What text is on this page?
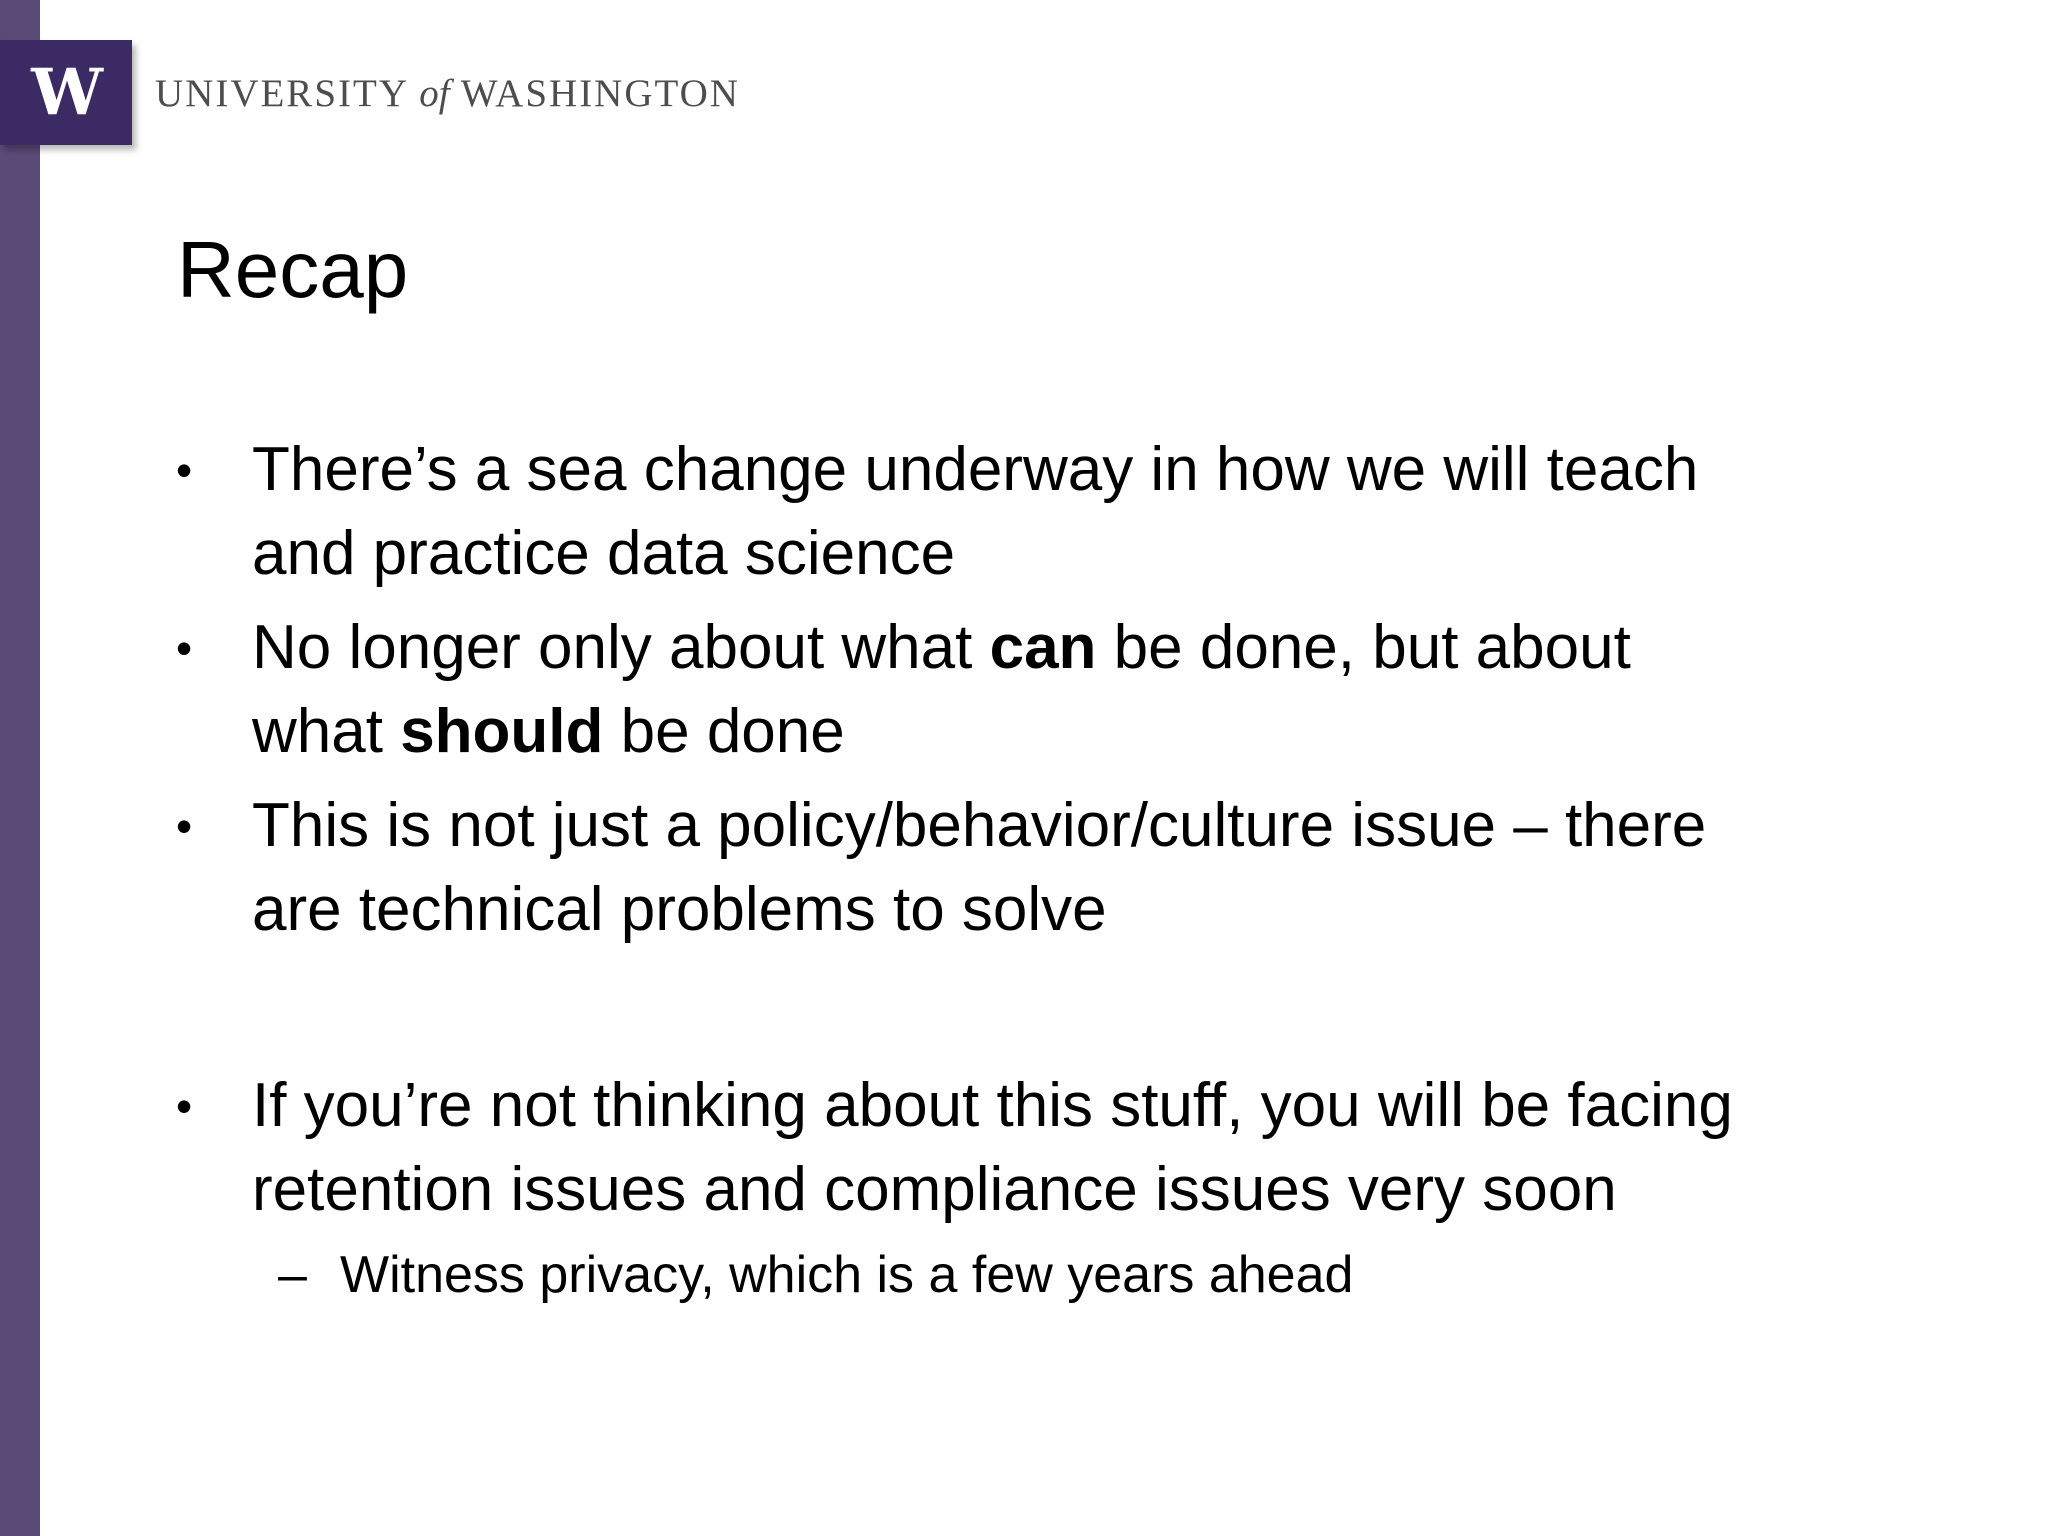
W UNIVERSITY of WASHINGTON
Recap
• There’s a sea change underway in how we will teach
and practice data science
• No longer only about what can be done, but about
what should be done
• This is not just a policy/behavior/culture issue – there
are technical problems to solve
• If you’re not thinking about this stuff, you will be facing
retention issues and compliance issues very soon
– Witness privacy, which is a few years ahead
